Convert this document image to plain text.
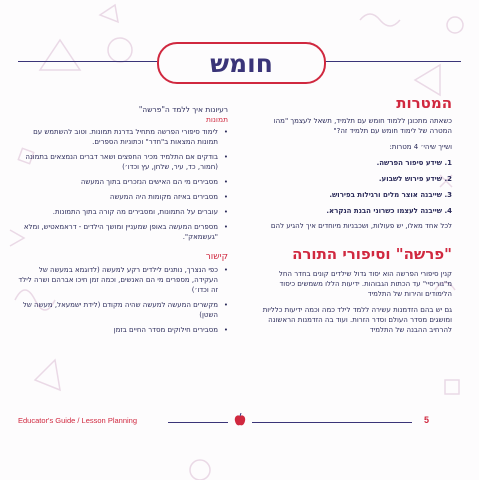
חומש
המטרות

כשאתה מתכונן ללמוד חומש עם תלמיד, תשאל לעצמך "מהו המטרה של לימוד חומש עם תלמיד זה?"

ושייך שיהי׳ 4 מטרות:

1. שידע סיפור הפרשה.

2. שידע פירוש לשבוע.

3. שייבנה אוצר מלים ורגילות בפירוש.

4. שייבנה לעצמו כשרוני הבנת הנקרא.

לכל אחד מאלו, יש פעולות, ושכבניות מיוחדים איך להגיע להם

"פרשה" וסיפורי התורה

קנין סיפורי הפרשה הוא יסוד גדול שילדים קונים בחדר החל מ"גוריסיי" עד הכתות הגבוהות. ידיעות הללו משמשים כיסוד הלימודים והירות של התלמיד

גם יש בהם הזדמנות עשירה ללמד לילד כמה וכמה ידיעות כלליות ומושגים מסדר העולם וסדר הזרות. ועוד בה הזדמנות הראשונה להרחיב ההבנה של התלמיד

רעיונות איך ללמד ה"פרשה"

תמונות

• לימוד סיפורי הפרשה מתחיל בדרנת תמונות. וטוב להשתמש עם תמונות המצאות ב"חדר" וכתוניות הספרים.
• בודקים אם התלמיד מכיר החפצים ושאר דברים הנמצאים בתמונה (חמור, כד, עיר, שלחן, עץ וכדו׳)
• מסבירים מי הם האישים הנזכרים בתוך המעשה
• מסבירים באיזה מקומות היה המעשה
• עוברים על התמונות, ומסבירים מה קורה בתוך התמונות.
• מספרים המעשה באופן שמעניין ומושך הילדים - דראמאטיש, ומלא "געשמאק".

קישור

• כפי הנצרך, נותנים לילדים רקע למעשה (לדוגמא במעשה של העקידה, מספרים מי הם האנשים, וכמה זמן חיכו אברהם ושרה לילד זה וכדו׳)
• מקשרים המעשה למעשה שהיה מקודם (לידת ישמעאל, מעשה של השטן)
• מסבירים חילוקים מסדר החיים בזמן
Educator's Guide / Lesson Planning	5
